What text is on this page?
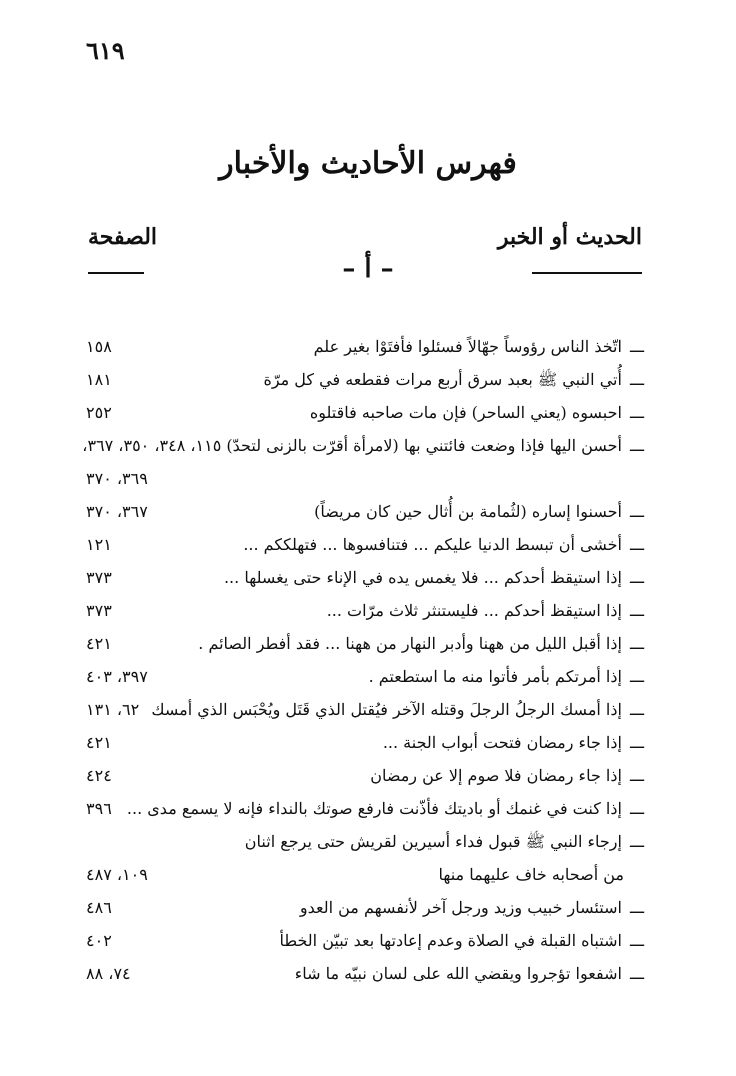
٦١٩
فهرس الأحاديث والأخبار
الحديث أو الخبر
الصفحة
– أ –
ـــاتّخذ الناس رؤوساً جهّالاً فسئلوا فأفتَوْا بغير علم
١٥٨
ـــأُتي النبي ﷺ بعبد سرق أربع مرات فقطعه في كل مرّة
١٨١
ـــاحبسوه (يعني الساحر) فإن مات صاحبه فاقتلوه
٢٥٢
ـــأحسن اليها فإذا وضعت فائتني بها (لامرأة أقرّت بالزنى لتحدّ) ١١٥، ٣٤٨، ٣٥٠، ٣٦٧،
٣٦٩، ٣٧٠
ـــأحسنوا إساره (لثُمامة بن أُثال حين كان مريضاً)
٣٦٧، ٣٧٠
ـــأخشى أن تبسط الدنيا عليكم ... فتنافسوها ... فتهلككم ...
١٢١
ـــإذا استيقظ أحدكم ... فلا يغمس يده في الإناء حتى يغسلها ...
٣٧٣
ـــإذا استيقظ أحدكم ... فليستنثر ثلاث مرّات ...
٣٧٣
ـــإذا أقبل الليل من ههنا وأدبر النهار من ههنا ... فقد أفطر الصائم .
٤٢١
ـــإذا أمرتكم بأمر فأتوا منه ما استطعتم .
٣٩٧، ٤٠٣
ـــإذا أمسك الرجلُ الرجلَ وقتله الآخر فيُقتل الذي قَتَل ويُحْبَس الذي أمسك
٦٢، ١٣١
ـــإذا جاء رمضان فتحت أبواب الجنة ...
٤٢١
ـــإذا جاء رمضان فلا صوم إلا عن رمضان
٤٢٤
ـــإذا كنت في غنمك أو باديتك فأذّنت فارفع صوتك بالنداء فإنه لا يسمع مدى ...
٣٩٦
ـــإرجاء النبي ﷺ قبول فداء أسيرين لقريش حتى يرجع اثنان
من أصحابه خاف عليهما منها
١٠٩، ٤٨٧
ـــاستئسار خبيب وزيد ورجل آخر لأنفسهم من العدو
٤٨٦
ـــاشتباه القبلة في الصلاة وعدم إعادتها بعد تبيّن الخطأ
٤٠٢
ـــاشفعوا تؤجروا ويقضي الله على لسان نبيّه ما شاء
٧٤، ٨٨
